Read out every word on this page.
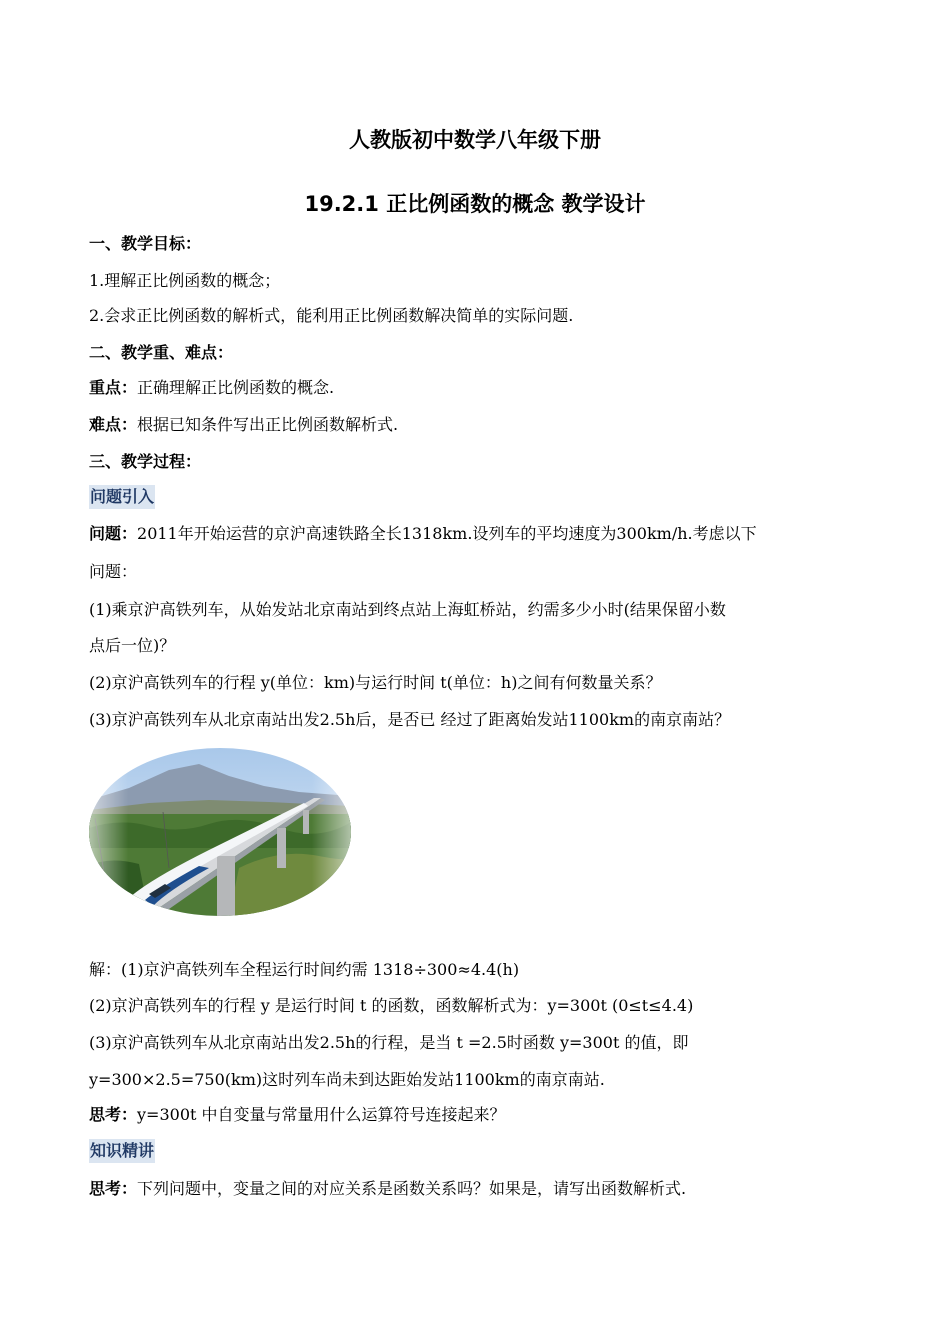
人教版初中数学八年级下册
19.2.1 正比例函数的概念 教学设计
一、教学目标：
1.理解正比例函数的概念；
2.会求正比例函数的解析式，能利用正比例函数解决简单的实际问题.
二、教学重、难点：
重点：正确理解正比例函数的概念.
难点：根据已知条件写出正比例函数解析式.
三、教学过程：
问题引入
问题：2011年开始运营的京沪高速铁路全长1318km.设列车的平均速度为300km/h.考虑以下
问题：
(1)乘京沪高铁列车，从始发站北京南站到终点站上海虹桥站，约需多少小时(结果保留小数
点后一位)？
(2)京沪高铁列车的行程 y(单位：km)与运行时间 t(单位：h)之间有何数量关系？
(3)京沪高铁列车从北京南站出发2.5h后，是否已 经过了距离始发站1100km的南京南站？
解：(1)京沪高铁列车全程运行时间约需 1318÷300≈4.4(h)
(2)京沪高铁列车的行程 y 是运行时间 t 的函数，函数解析式为：y=300t (0≤t≤4.4)
(3)京沪高铁列车从北京南站出发2.5h的行程，是当 t =2.5时函数 y=300t 的值，即
y=300×2.5=750(km)这时列车尚未到达距始发站1100km的南京南站.
思考：y=300t 中自变量与常量用什么运算符号连接起来？
知识精讲
思考：下列问题中，变量之间的对应关系是函数关系吗？如果是，请写出函数解析式.
